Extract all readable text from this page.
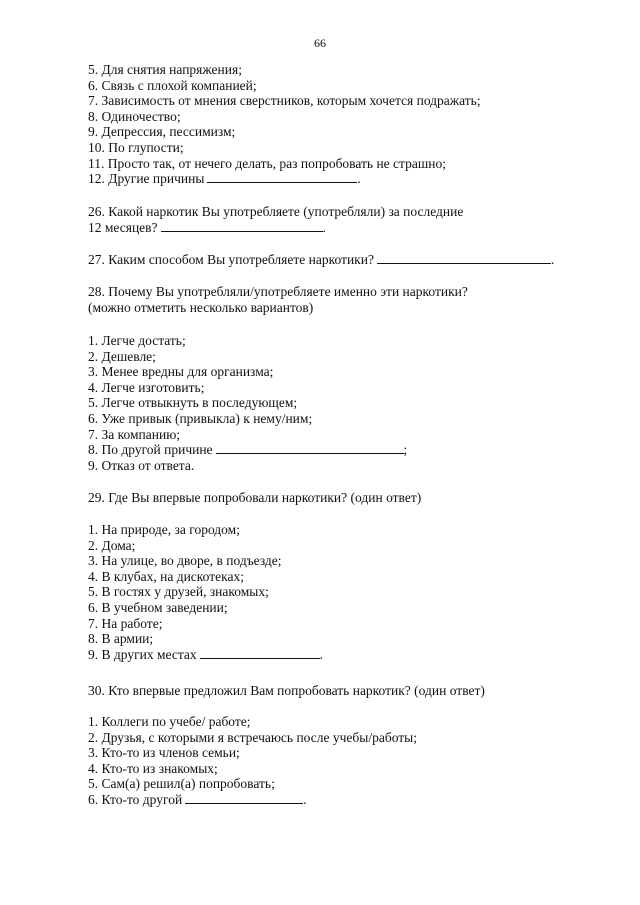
66
5. Для снятия напряжения;
6. Связь с плохой компанией;
7. Зависимость от мнения сверстников, которым хочется подражать;
8. Одиночество;
9. Депрессия, пессимизм;
10. По глупости;
11. Просто так, от нечего делать, раз попробовать не страшно;
12. Другие причины	.
26. Какой наркотик Вы употребляете (употребляли) за последние
12 месяцев?	.
27. Каким способом Вы употребляете наркотики?	.
28. Почему Вы употребляли/употребляете именно эти наркотики?
(можно отметить несколько вариантов)
1. Легче достать;
2. Дешевле;
3. Менее вредны для организма;
4. Легче изготовить;
5. Легче отвыкнуть в последующем;
6. Уже привык (привыкла) к нему/ним;
7. За компанию;
8. По другой причине	;
9. Отказ от ответа.
29. Где Вы впервые попробовали наркотики? (один ответ)
1. На природе, за городом;
2. Дома;
3. На улице, во дворе, в подъезде;
4. В клубах, на дискотеках;
5. В гостях у друзей, знакомых;
6. В учебном заведении;
7. На работе;
8. В армии;
9. В других местах	.
30. Кто впервые предложил Вам попробовать наркотик? (один ответ)
1. Коллеги по учебе/ работе;
2. Друзья, с которыми я встречаюсь после учебы/работы;
3. Кто-то из членов семьи;
4. Кто-то из знакомых;
5. Сам(а) решил(а) попробовать;
6. Кто-то другой	.
